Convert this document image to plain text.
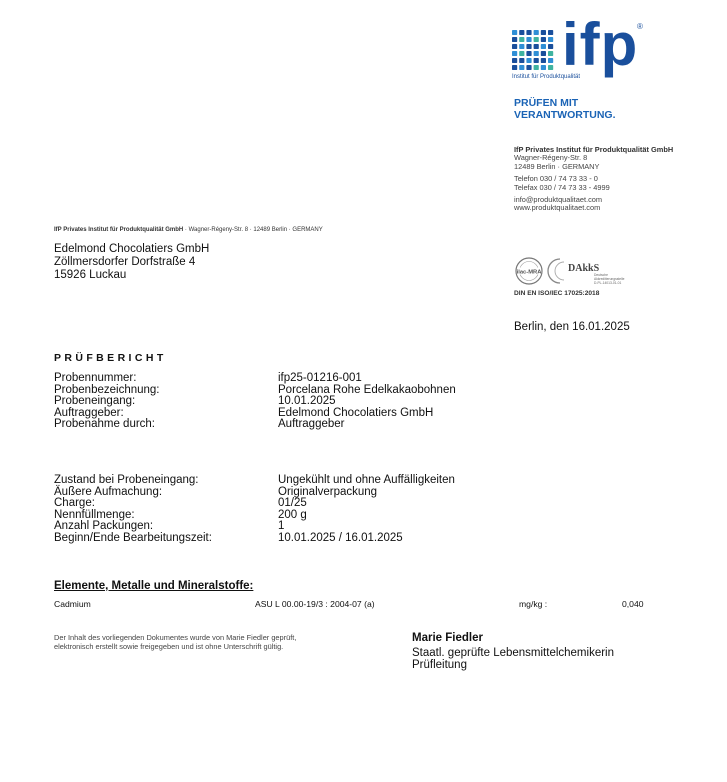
ifp
®
Institut für Produktqualität
PRÜFEN MIT
VERANTWORTUNG.
IfP Privates Institut für Produktqualität GmbH
Wagner-Régeny-Str. 8
12489 Berlin · GERMANY
Telefon 030 / 74 73 33 - 0
Telefax 030 / 74 73 33 - 4999
info@produktqualitaet.com
www.produktqualitaet.com
IfP Privates Institut für Produktqualität GmbH · Wagner-Régeny-Str. 8 · 12489 Berlin · GERMANY
Edelmond Chocolatiers GmbH
Zöllmersdorfer Dorfstraße 4
15926 Luckau	ilac-MRA	DAkkS
Deutsche
Akkreditierungsstelle
D-PL-14013-01-01
DIN EN ISO/IEC 17025:2018
Berlin, den 16.01.2025
PRÜFBERICHT
Probennummer:	ifp25-01216-001
Probenbezeichnung:	Porcelana Rohe Edelkakaobohnen
Probeneingang:	10.01.2025
Auftraggeber:	Edelmond Chocolatiers GmbH
Probenahme durch:	Auftraggeber
Zustand bei Probeneingang:	Ungekühlt und ohne Auffälligkeiten
Äußere Aufmachung:	Originalverpackung
Charge:	01/25
Nennfüllmenge:	200 g
Anzahl Packungen:	1
Beginn/Ende Bearbeitungszeit:	10.01.2025 / 16.01.2025
Elemente, Metalle und Mineralstoffe:
Cadmium	ASU L 00.00-19/3 : 2004-07 (a)	mg/kg :	0,040
Der Inhalt des vorliegenden Dokumentes wurde von Marie Fiedler geprüft,
elektronisch erstellt sowie freigegeben und ist ohne Unterschrift gültig.
Marie Fiedler
Staatl. geprüfte Lebensmittelchemikerin
Prüfleitung
